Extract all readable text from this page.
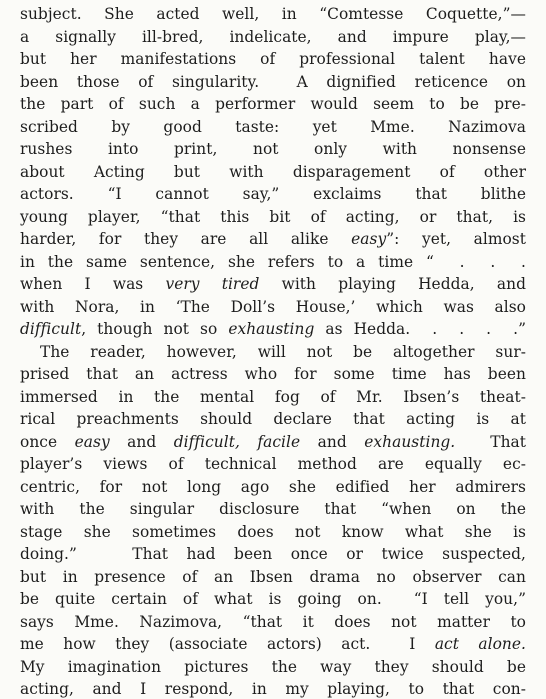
subject. She acted well, in “Comtesse Coquette,”—
a signally ill-bred, indelicate, and impure play,—
but her manifestations of professional talent have
been those of singularity.  A dignified reticence on
the part of such a performer would seem to be pre-
scribed  by  good  taste:  yet  Mme.  Nazimova
rushes  into  print,  not  only  with  nonsense
about  Acting  but  with  disparagement  of  other
actors.  “I  cannot  say,”  exclaims  that  blithe
young player, “that this bit of acting, or that, is
harder, for they are all alike easy”: yet, almost
in the same sentence, she refers to a time “  .  .  .
when I was very tired with playing Hedda, and
with Nora, in ‘The Doll’s House,’ which was also
difficult, though not so exhausting as Hedda.  .  .  .  .”
The reader, however, will not be altogether sur-
prised that an actress who for some time has been
immersed in the mental fog of Mr. Ibsen’s theat-
rical preachments should declare that acting is at
once easy and difficult, facile and exhausting.  That
player’s views of technical method are equally ec-
centric, for not long ago she edified her admirers
with the singular disclosure that “when on the
stage she sometimes does not know what she is
doing.”   That had been once or twice suspected,
but in presence of an Ibsen drama no observer can
be quite certain of what is going on.  “I tell you,”
says Mme. Nazimova, “that it does not matter to
me how they (associate actors) act.  I act alone.
My imagination pictures the way they should be
acting, and I respond, in my playing, to that con-
